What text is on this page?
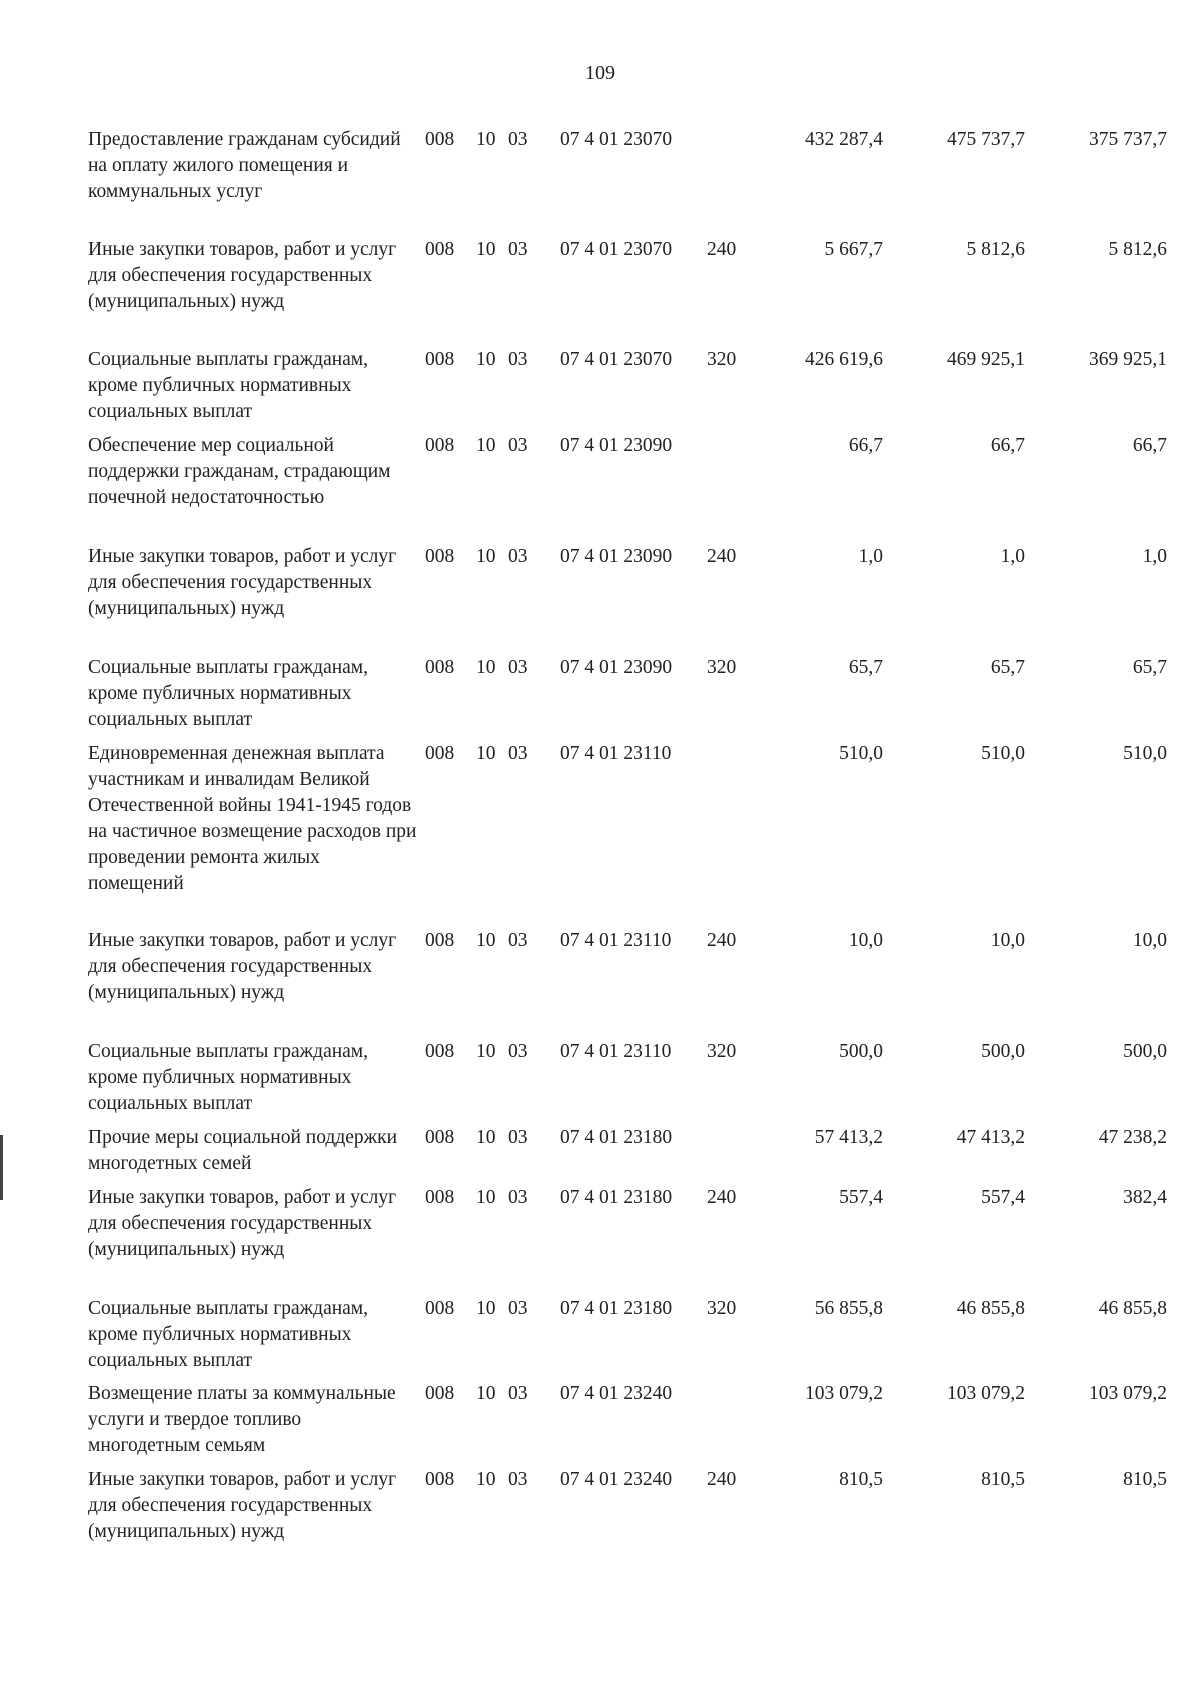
109
Предоставление гражданам субсидий на оплату жилого помещения и коммунальных услуг
008 10 03 07 4 01 23070	432 287,4	475 737,7	375 737,7
Иные закупки товаров, работ и услуг для обеспечения государственных (муниципальных) нужд
008 10 03 07 4 01 23070 240	5 667,7	5 812,6	5 812,6
Социальные выплаты гражданам, кроме публичных нормативных социальных выплат
008 10 03 07 4 01 23070 320	426 619,6	469 925,1	369 925,1
Обеспечение мер социальной поддержки гражданам, страдающим почечной недостаточностью
008 10 03 07 4 01 23090	66,7	66,7	66,7
Иные закупки товаров, работ и услуг для обеспечения государственных (муниципальных) нужд
008 10 03 07 4 01 23090 240	1,0	1,0	1,0
Социальные выплаты гражданам, кроме публичных нормативных социальных выплат
008 10 03 07 4 01 23090 320	65,7	65,7	65,7
Единовременная денежная выплата участникам и инвалидам Великой Отечественной войны 1941-1945 годов на частичное возмещение расходов при проведении ремонта жилых помещений
008 10 03 07 4 01 23110	510,0	510,0	510,0
Иные закупки товаров, работ и услуг для обеспечения государственных (муниципальных) нужд
008 10 03 07 4 01 23110 240	10,0	10,0	10,0
Социальные выплаты гражданам, кроме публичных нормативных социальных выплат
008 10 03 07 4 01 23110 320	500,0	500,0	500,0
Прочие меры социальной поддержки многодетных семей
008 10 03 07 4 01 23180	57 413,2	47 413,2	47 238,2
Иные закупки товаров, работ и услуг для обеспечения государственных (муниципальных) нужд
008 10 03 07 4 01 23180 240	557,4	557,4	382,4
Социальные выплаты гражданам, кроме публичных нормативных социальных выплат
008 10 03 07 4 01 23180 320	56 855,8	46 855,8	46 855,8
Возмещение платы за коммунальные услуги и твердое топливо многодетным семьям
008 10 03 07 4 01 23240	103 079,2	103 079,2	103 079,2
Иные закупки товаров, работ и услуг для обеспечения государственных (муниципальных) нужд
008 10 03 07 4 01 23240 240	810,5	810,5	810,5
